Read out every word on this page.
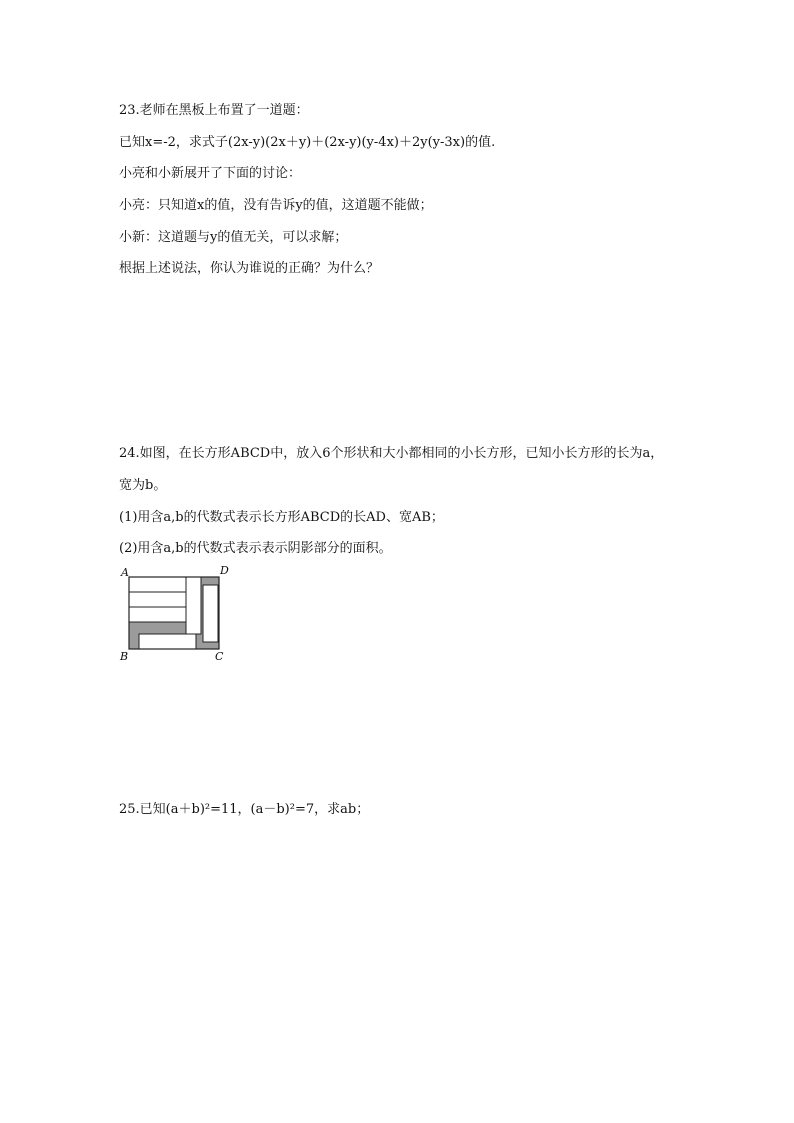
23.老师在黑板上布置了一道题：
已知x=-2，求式子(2x-y)(2x＋y)＋(2x-y)(y-4x)＋2y(y-3x)的值.
小亮和小新展开了下面的讨论：
小亮：只知道x的值，没有告诉y的值，这道题不能做；
小新：这道题与y的值无关，可以求解；
根据上述说法，你认为谁说的正确？为什么？
24.如图，在长方形ABCD中，放入6个形状和大小都相同的小长方形，已知小长方形的长为a，
宽为b。
(1)用含a,b的代数式表示长方形ABCD的长AD、宽AB；
(2)用含a,b的代数式表示表示阴影部分的面积。
A
B	C
D
25.已知(a＋b)²=11，(a－b)²=7，求ab；
